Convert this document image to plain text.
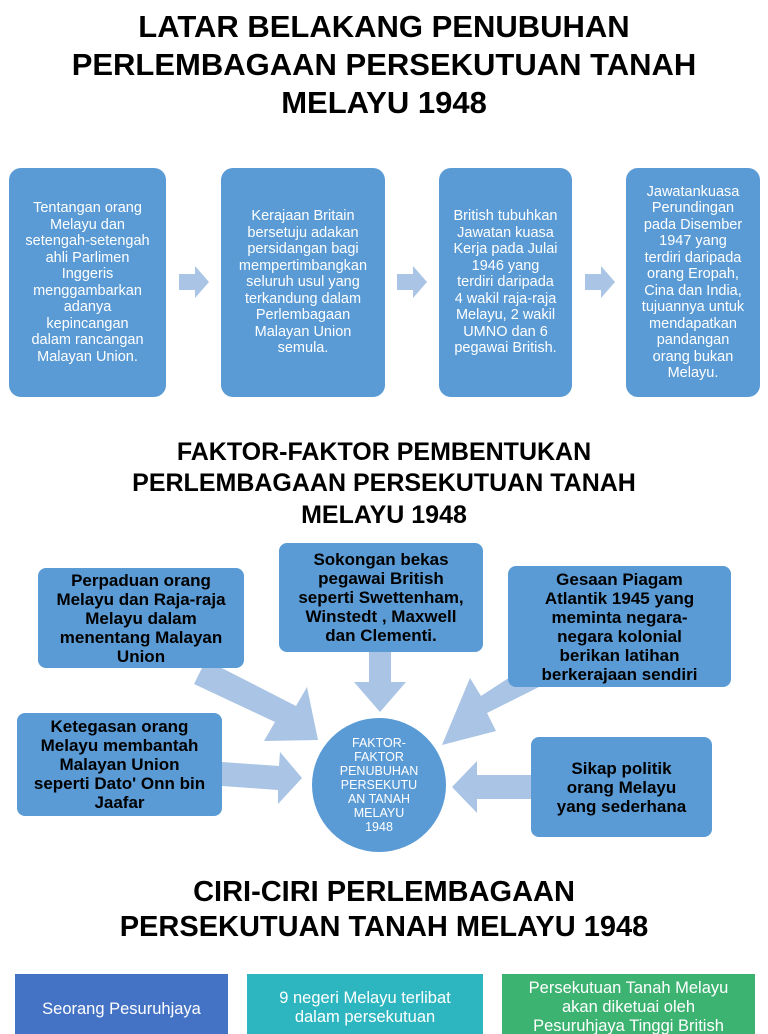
LATAR BELAKANG PENUBUHAN
PERLEMBAGAAN PERSEKUTUAN TANAH
MELAYU 1948
Tentangan orang
Melayu dan
setengah-setengah
ahli Parlimen
Inggeris
menggambarkan
adanya
kepincangan
dalam rancangan
Malayan Union.
Kerajaan Britain
bersetuju adakan
persidangan bagi
mempertimbangkan
seluruh usul yang
terkandung dalam
Perlembagaan
Malayan Union
semula.
British tubuhkan
Jawatan kuasa
Kerja pada Julai
1946 yang
terdiri daripada
4 wakil raja-raja
Melayu, 2 wakil
UMNO dan 6
pegawai British.
Jawatankuasa
Perundingan
pada Disember
1947 yang
terdiri daripada
orang Eropah,
Cina dan India,
tujuannya untuk
mendapatkan
pandangan
orang bukan
Melayu.
FAKTOR-FAKTOR PEMBENTUKAN
PERLEMBAGAAN PERSEKUTUAN TANAH
MELAYU 1948
Perpaduan orang
Melayu dan Raja-raja
Melayu dalam
menentang Malayan
Union
Sokongan bekas
pegawai British
seperti Swettenham,
Winstedt , Maxwell
dan Clementi.
Gesaan Piagam
Atlantik 1945 yang
meminta negara-
negara kolonial
berikan latihan
berkerajaan sendiri
Ketegasan orang
Melayu membantah
Malayan Union
seperti Dato' Onn bin
Jaafar
Sikap politik
orang Melayu
yang sederhana
FAKTOR-
FAKTOR
PENUBUHAN
PERSEKUTU
AN TANAH
MELAYU
1948
CIRI-CIRI PERLEMBAGAAN
PERSEKUTUAN TANAH MELAYU 1948
Seorang Pesuruhjaya
9 negeri Melayu terlibat
dalam persekutuan
Persekutuan Tanah Melayu
akan diketuai oleh
Pesuruhjaya Tinggi British
